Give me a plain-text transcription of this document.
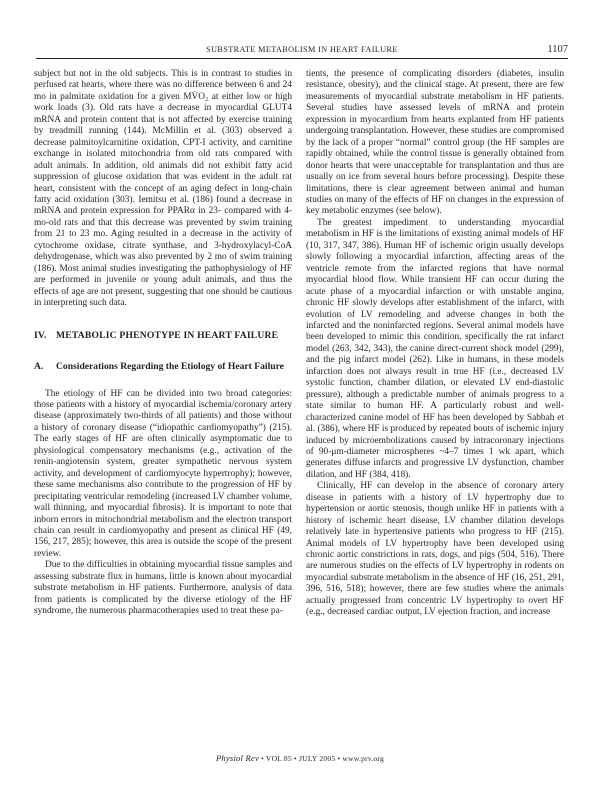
SUBSTRATE METABOLISM IN HEART FAILURE	1107

subject but not in the old subjects. This is in contrast to studies in perfused rat hearts, where there was no difference between 6 and 24 mo in palmitate oxidation for a given MV̇O₂ at either low or high work loads (3). Old rats have a decrease in myocardial GLUT4 mRNA and protein content that is not affected by exercise training by treadmill running (144). McMillin et al. (303) observed a decrease palmitoylcarnitine oxidation, CPT-I activity, and carnitine exchange in isolated mitochondria from old rats compared with adult animals. In addition, old animals did not exhibit fatty acid suppression of glucose oxidation that was evident in the adult rat heart, consistent with the concept of an aging defect in long-chain fatty acid oxidation (303). Iemitsu et al. (186) found a decrease in mRNA and protein expression for PPARα in 23- compared with 4-mo-old rats and that this decrease was prevented by swim training from 21 to 23 mo. Aging resulted in a decrease in the activity of cytochrome oxidase, citrate synthase, and 3-hydroxylacyl-CoA dehydrogenase, which was also prevented by 2 mo of swim training (186). Most animal studies investigating the pathophysiology of HF are performed in juvenile or young adult animals, and thus the effects of age are not present, suggesting that one should be cautious in interpreting such data.

IV. METABOLIC PHENOTYPE IN HEART FAILURE
A.	Considerations Regarding the Etiology of Heart Failure

The etiology of HF can be divided into two broad categories: those patients with a history of myocardial ischemia/coronary artery disease (approximately two-thirds of all patients) and those without a history of coronary disease (“idiopathic cardiomyopathy”) (215). The early stages of HF are often clinically asymptomatic due to physiological compensatory mechanisms (e.g., activation of the renin-angiotensin system, greater sympathetic nervous system activity, and development of cardiomyocyte hypertrophy); however, these same mechanisms also contribute to the progression of HF by precipitating ventricular remodeling (increased LV chamber volume, wall thinning, and myocardial fibrosis). It is important to note that inborn errors in mitochondrial metabolism and the electron transport chain can result in cardiomyopathy and present as clinical HF (49, 156, 217, 285); however, this area is outside the scope of the present review.

Due to the difficulties in obtaining myocardial tissue samples and assessing substrate flux in humans, little is known about myocardial substrate metabolism in HF patients. Furthermore, analysis of data from patients is complicated by the diverse etiology of the HF syndrome, the numerous pharmacotherapies used to treat these pa-

tients, the presence of complicating disorders (diabetes, insulin resistance, obesity), and the clinical stage. At present, there are few measurements of myocardial substrate metabolism in HF patients. Several studies have assessed levels of mRNA and protein expression in myocardium from hearts explanted from HF patients undergoing transplantation. However, these studies are compromised by the lack of a proper “normal” control group (the HF samples are rapidly obtained, while the control tissue is generally obtained from donor hearts that were unacceptable for transplantation and thus are usually on ice from several hours before processing). Despite these limitations, there is clear agreement between animal and human studies on many of the effects of HF on changes in the expression of key metabolic enzymes (see below).

The greatest impediment to understanding myocardial metabolism in HF is the limitations of existing animal models of HF (10, 317, 347, 386). Human HF of ischemic origin usually develops slowly following a myocardial infarction, affecting areas of the ventricle remote from the infarcted regions that have normal myocardial blood flow. While transient HF can occur during the acute phase of a myocardial infarction or with unstable angina, chronic HF slowly develops after establishment of the infarct, with evolution of LV remodeling and adverse changes in both the infarcted and the noninfarcted regions. Several animal models have been developed to mimic this condition, specifically the rat infarct model (263, 342, 343), the canine direct-current shock model (299), and the pig infarct model (262). Like in humans, in these models infarction does not always result in true HF (i.e., decreased LV systolic function, chamber dilation, or elevated LV end-diastolic pressure), although a predictable number of animals progress to a state similar to human HF. A particularly robust and well-characterized canine model of HF has been developed by Sabbah et al. (386), where HF is produced by repeated bouts of ischemic injury induced by microembolizations caused by intracoronary injections of 90-μm-diameter microspheres ~4–7 times 1 wk apart, which generates diffuse infarcts and progressive LV dysfunction, chamber dilation, and HF (384, 418).

Clinically, HF can develop in the absence of coronary artery disease in patients with a history of LV hypertrophy due to hypertension or aortic stenosis, though unlike HF in patients with a history of ischemic heart disease, LV chamber dilation develops relatively late in hypertensive patients who progress to HF (215). Animal models of LV hypertrophy have been developed using chronic aortic constrictions in rats, dogs, and pigs (504, 516). There are numerous studies on the effects of LV hypertrophy in rodents on myocardial substrate metabolism in the absence of HF (16, 251, 291, 396, 516, 518); however, there are few studies where the animals actually progressed from concentric LV hypertrophy to overt HF (e.g., decreased cardiac output, LV ejection fraction, and increase

Physiol Rev • VOL 85 • JULY 2005 • www.prv.org
